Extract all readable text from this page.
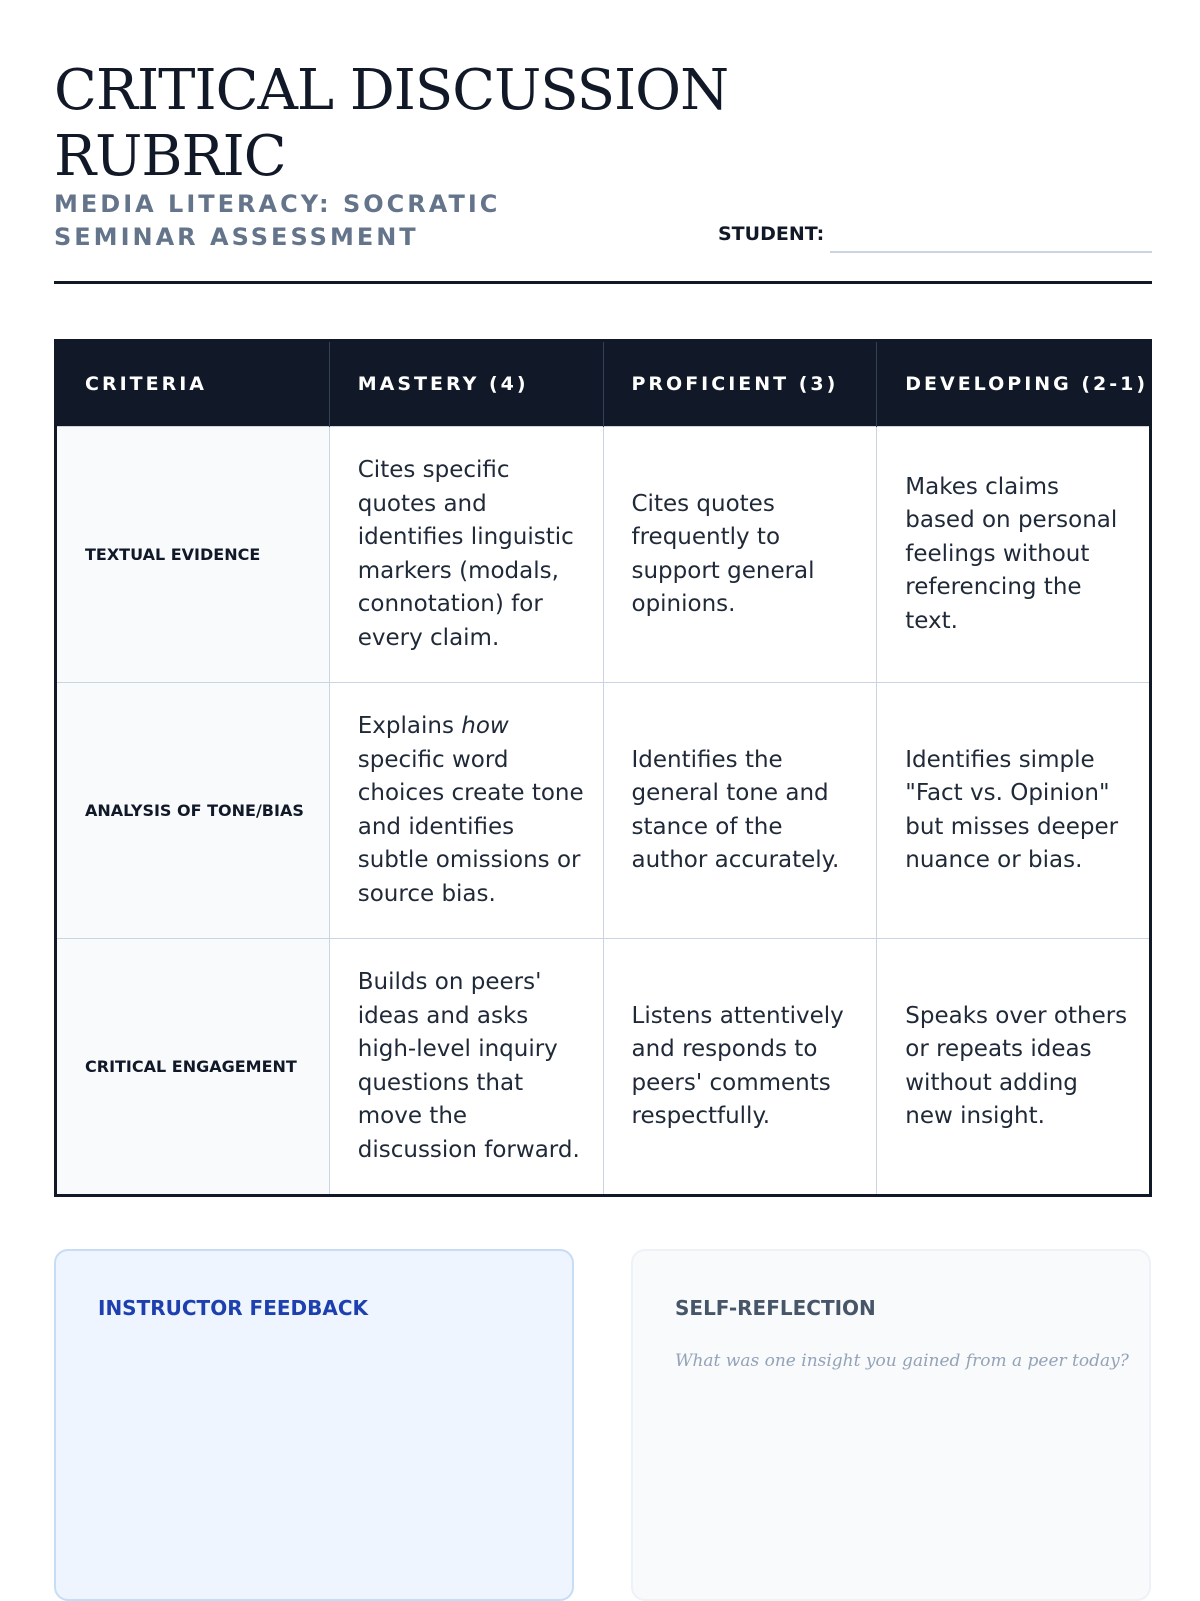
CRITICAL DISCUSSION RUBRIC
MEDIA LITERACY: SOCRATIC SEMINAR ASSESSMENT	STUDENT:
CRITERIA	MASTERY (4)	PROFICIENT (3)	DEVELOPING (2-1)
TEXTUAL EVIDENCE	Cites specific quotes and identifies linguistic markers (modals, connotation) for every claim.	Cites quotes frequently to support general opinions.	Makes claims based on personal feelings without referencing the text.
ANALYSIS OF TONE/BIAS	Explains how specific word choices create tone and identifies subtle omissions or source bias.	Identifies the general tone and stance of the author accurately.	Identifies simple "Fact vs. Opinion" but misses deeper nuance or bias.
CRITICAL ENGAGEMENT	Builds on peers' ideas and asks high-level inquiry questions that move the discussion forward.	Listens attentively and responds to peers' comments respectfully.	Speaks over others or repeats ideas without adding new insight.
INSTRUCTOR FEEDBACK	SELF-REFLECTION
What was one insight you gained from a peer today?
